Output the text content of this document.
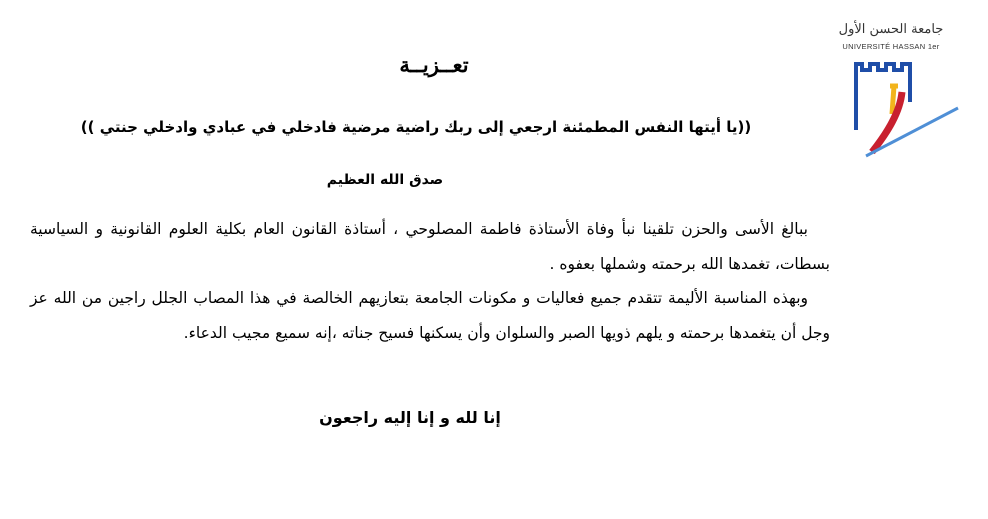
جامعة الحسن الأول
UNIVERSITÉ HASSAN 1er
تعــزيــة
((يا أيتها النفس المطمئنة ارجعي إلى ربك راضية مرضية فادخلي في عبادي وادخلي جنتي ))
صدق الله العظيم

ببالغ الأسى والحزن تلقينا نبأ وفاة الأستاذة فاطمة المصلوحي ، أستاذة القانون العام بكلية العلوم القانونية و السياسية بسطات، تغمدها الله برحمته وشملها بعفوه .

وبهذه المناسبة الأليمة تتقدم جميع فعاليات و مكونات الجامعة بتعازيهم الخالصة في هذا المصاب الجلل راجين من الله عز وجل أن يتغمدها برحمته و يلهم ذويها الصبر والسلوان وأن يسكنها فسيح جناته ،إنه سميع مجيب الدعاء.

إنا لله و إنا إليه راجعون
